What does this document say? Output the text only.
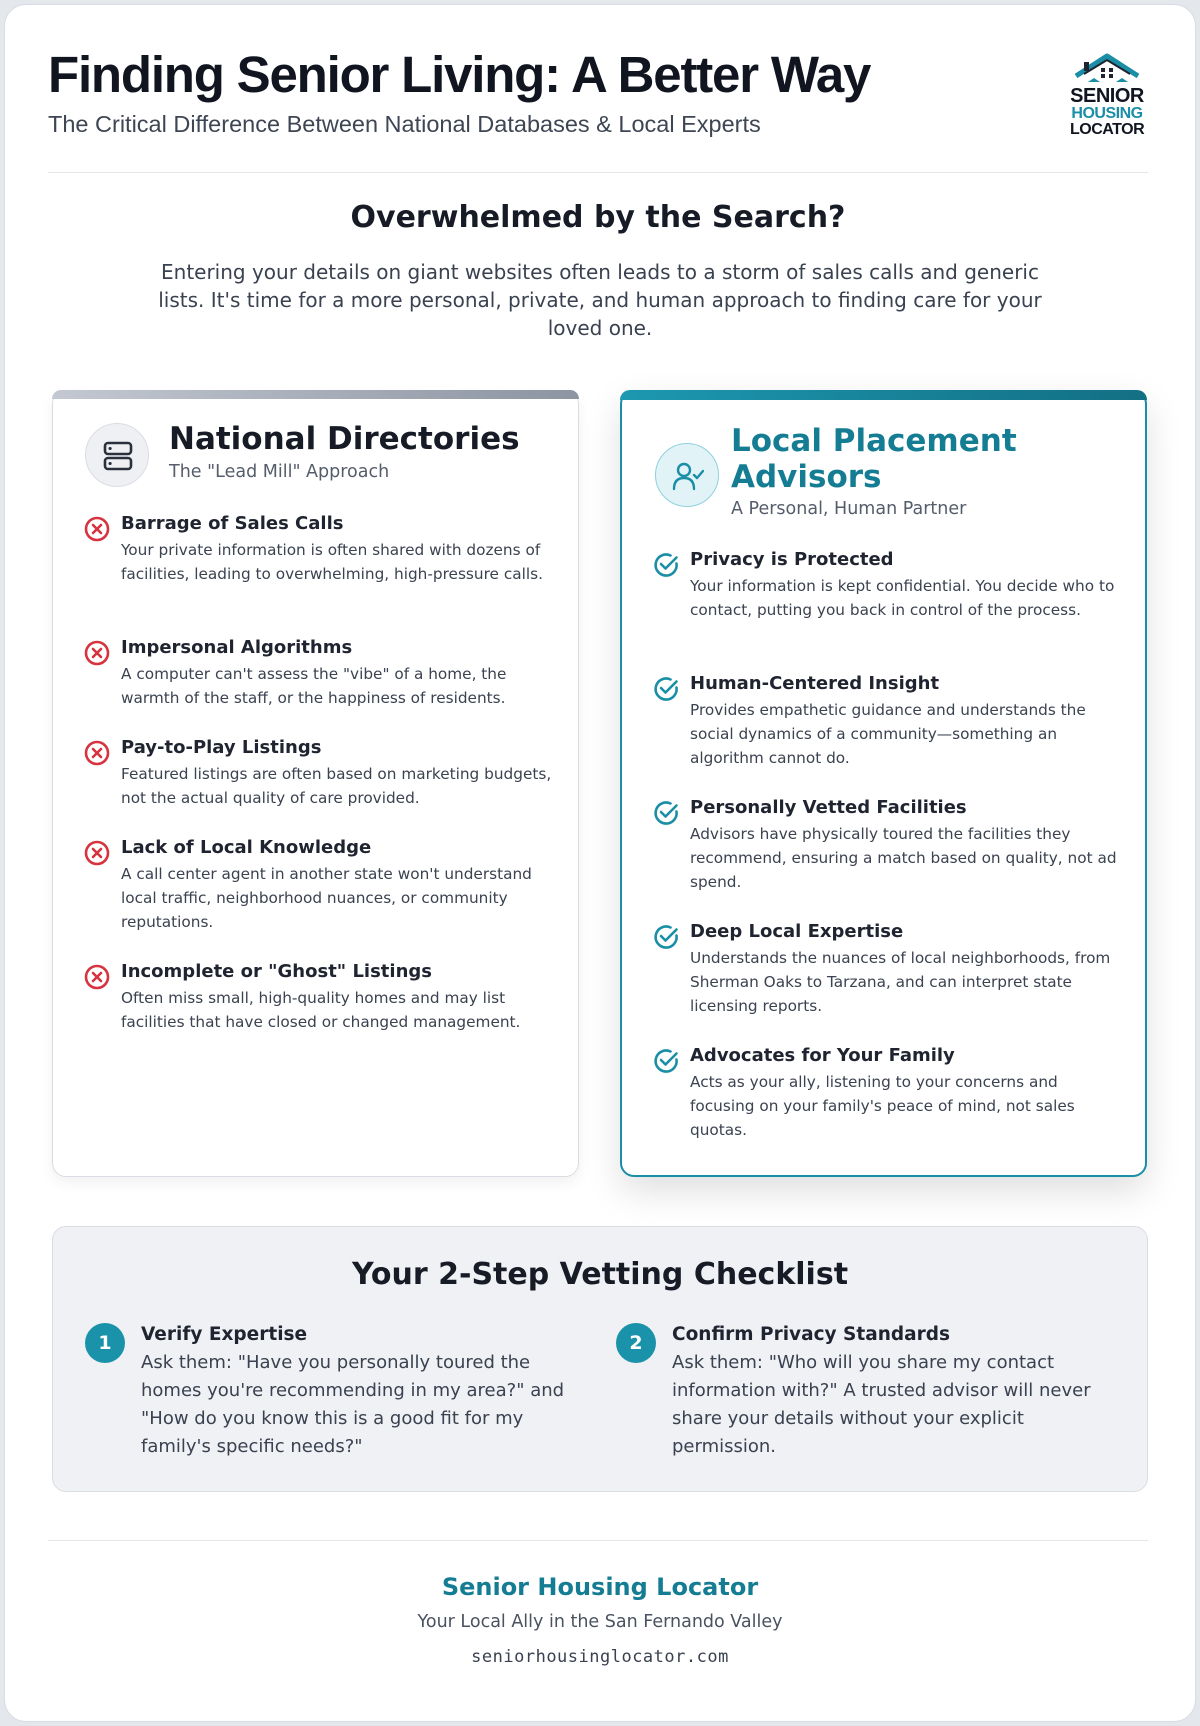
Finding Senior Living: A Better Way
The Critical Difference Between National Databases & Local Experts
SENIOR
HOUSING
LOCATOR
Overwhelmed by the Search?
Entering your details on giant websites often leads to a storm of sales calls and generic lists. It's time for a more personal, private, and human approach to finding care for your loved one.
National Directories
The "Lead Mill" Approach
Barrage of Sales Calls
Your private information is often shared with dozens of facilities, leading to overwhelming, high-pressure calls.
Impersonal Algorithms
A computer can't assess the "vibe" of a home, the warmth of the staff, or the happiness of residents.
Pay-to-Play Listings
Featured listings are often based on marketing budgets, not the actual quality of care provided.
Lack of Local Knowledge
A call center agent in another state won't understand local traffic, neighborhood nuances, or community reputations.
Incomplete or "Ghost" Listings
Often miss small, high-quality homes and may list facilities that have closed or changed management.
Local Placement Advisors
A Personal, Human Partner
Privacy is Protected
Your information is kept confidential. You decide who to contact, putting you back in control of the process.
Human-Centered Insight
Provides empathetic guidance and understands the social dynamics of a community—something an algorithm cannot do.
Personally Vetted Facilities
Advisors have physically toured the facilities they recommend, ensuring a match based on quality, not ad spend.
Deep Local Expertise
Understands the nuances of local neighborhoods, from Sherman Oaks to Tarzana, and can interpret state licensing reports.
Advocates for Your Family
Acts as your ally, listening to your concerns and focusing on your family's peace of mind, not sales quotas.
Your 2-Step Vetting Checklist
1	Verify Expertise
Ask them: "Have you personally toured the homes you're recommending in my area?" and "How do you know this is a good fit for my family's specific needs?"
2	Confirm Privacy Standards
Ask them: "Who will you share my contact information with?" A trusted advisor will never share your details without your explicit permission.
Senior Housing Locator
Your Local Ally in the San Fernando Valley
seniorhousinglocator.com
